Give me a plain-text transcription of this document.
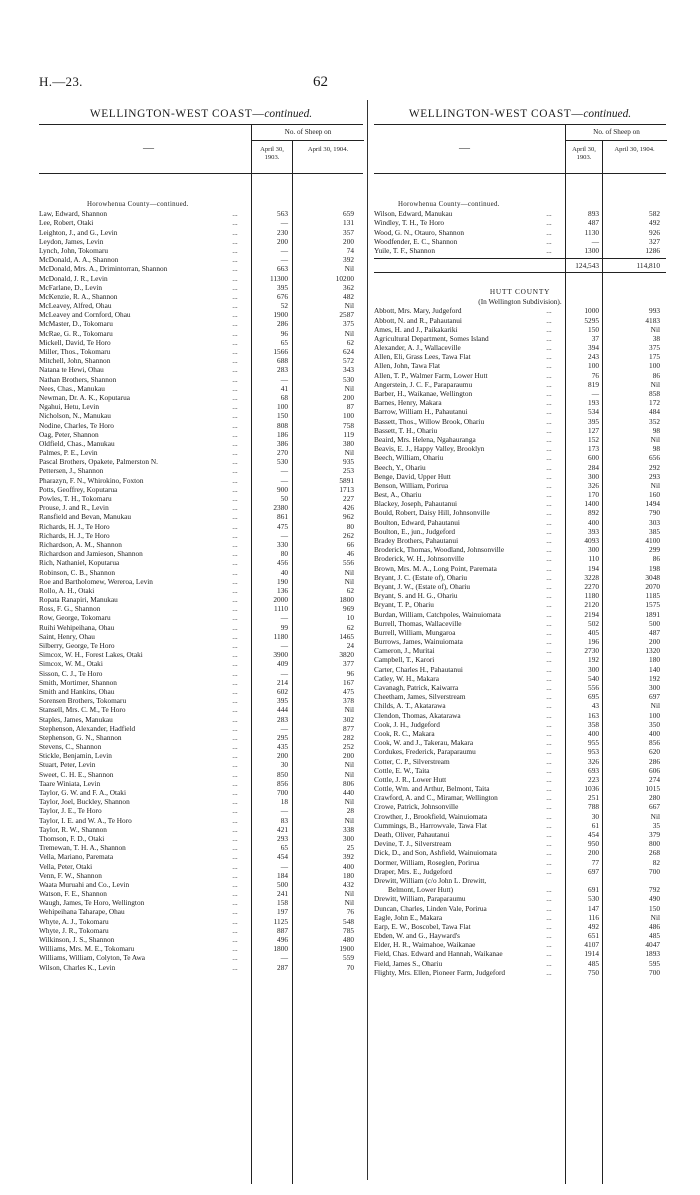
H.—23.	62
WELLINGTON-WEST COAST—continued.
—
No. of Sheep on
April 30, 1903.
April 30, 1904.
Horowhenua County—continued.
Law, Edward, Shannon	...	563	659
Lee, Robert, Otaki	...	—	131
Leighton, J., and G., Levin	...	230	357
Leydon, James, Levin	...	200	200
Lynch, John, Tokomaru	...	—	74
McDonald, A. A., Shannon	...	—	392
McDonald, Mrs. A., Drimintorran, Shannon	...	663	Nil
McDonald, J. R., Levin	...	11300	10200
McFarlane, D., Levin	...	395	362
McKenzie, R. A., Shannon	...	676	482
McLeavey, Alfred, Ohau	...	52	Nil
McLeavey and Cornford, Ohau	...	1900	2587
McMaster, D., Tokomaru	...	286	375
McRae, G. R., Tokomaru	...	96	Nil
Mickell, David, Te Horo	...	65	62
Miller, Thos., Tokomaru	...	1566	624
Mitchell, John, Shannon	...	688	572
Natana te Hewi, Ohau	...	283	343
Nathan Brothers, Shannon	...	—	530
Nees, Chas., Manukau	...	41	Nil
Newman, Dr. A. K., Koputarua	...	68	200
Ngahui, Hetu, Levin	...	100	87
Nicholson, N., Manukau	...	150	100
Nodine, Charles, Te Horo	...	808	758
Oag, Peter, Shannon	...	186	119
Oldfield, Chas., Manukau	...	386	380
Palmes, P. E., Levin	...	270	Nil
Pascal Brothers, Opakete, Palmerston N.	...	530	935
Pettersen, J., Shannon	...	—	253
Pharazyn, F. N., Whirokino, Foxton	...	—	5891
Potts, Geoffrey, Koputarua	...	900	1713
Powles, T. H., Tokomaru	...	50	227
Prouse, J. and R., Levin	...	2380	426
Ransfield and Bevan, Manukau	...	861	962
Richards, H. J., Te Horo	...	475	80
Richards, H. J., Te Horo	...	—	262
Richardson, A. M., Shannon	...	330	66
Richardson and Jamieson, Shannon	...	80	46
Rich, Nathaniel, Koputarua	...	456	556
Robinson, C. B., Shannon	...	40	Nil
Roe and Bartholomew, Wereroa, Levin	...	190	Nil
Rollo, A. H., Otaki	...	136	62
Ropata Ranapiri, Manukau	...	2000	1800
Ross, F. G., Shannon	...	1110	969
Row, George, Tokomaru	...	—	10
Ruihi Wehipeihana, Ohau	...	99	62
Saint, Henry, Ohau	...	1180	1465
Silberry, George, Te Horo	...	—	24
Simcox, W. H., Forest Lakes, Otaki	...	3900	3820
Simcox, W. M., Otaki	...	409	377
Sisson, C. J., Te Horo	...	—	96
Smith, Mortimer, Shannon	...	214	167
Smith and Hankins, Ohau	...	602	475
Sorensen Brothers, Tokomaru	...	395	378
Stansell, Mrs. C. M., Te Horo	...	444	Nil
Staples, James, Manukau	...	283	302
Stephenson, Alexander, Hadfield	...	—	877
Stephenson, G. N., Shannon	...	295	282
Stevens, C., Shannon	...	435	252
Stickle, Benjamin, Levin	...	200	200
Stuart, Peter, Levin	...	30	Nil
Sweet, C. H. E., Shannon	...	850	Nil
Taare Winiata, Levin	...	856	806
Taylor, G. W. and F. A., Otaki	...	700	440
Taylor, Joel, Buckley, Shannon	...	18	Nil
Taylor, J. E., Te Horo	...	—	28
Taylor, I. E. and W. A., Te Horo	...	83	Nil
Taylor, R. W., Shannon	...	421	338
Thomson, F. D., Otaki	...	293	300
Tremewan, T. H. A., Shannon	...	65	25
Vella, Mariano, Paremata	...	454	392
Vella, Peter, Otaki	...	—	400
Venn, F. W., Shannon	...	184	180
Waata Muruahi and Co., Levin	...	500	432
Watson, F. E., Shannon	...	241	Nil
Waugh, James, Te Horo, Wellington	...	158	Nil
Wehipeihana Taharape, Ohau	...	197	76
Whyte, A. J., Tokomaru	...	1125	548
Whyte, J. R., Tokomaru	...	887	785
Wilkinson, J. S., Shannon	...	496	480
Williams, Mrs. M. E., Tokomaru	...	1800	1900
Williams, William, Colyton, Te Awa	...	—	559
Wilson, Charles K., Levin	...	287	70
WELLINGTON-WEST COAST—continued.
—
No. of Sheep on
April 30, 1903.
April 30, 1904.
Horowhenua County—continued.
Wilson, Edward, Manukau	...	893	582
Windley, T. H., Te Horo	...	487	492
Wood, G. N., Otauro, Shannon	...	1130	926
Woodfender, E. C., Shannon	...	—	327
Yuile, T. F., Shannon	...	1300	1286
124,543	114,810
HUTT COUNTY
(In Wellington Subdivision).
Abbott, Mrs. Mary, Judgeford	...	1000	993
Abbott, N. and R., Pahautanui	...	5295	4183
Ames, H. and J., Paikakariki	...	150	Nil
Agricultural Department, Somes Island	...	37	38
Alexander, A. J., Wallaceville	...	394	375
Allen, Eli, Grass Lees, Tawa Flat	...	243	175
Allen, John, Tawa Flat	...	100	100
Allen, T. P., Walmer Farm, Lower Hutt	...	76	86
Angerstein, J. C. F., Paraparaumu	...	819	Nil
Barber, H., Waikanae, Wellington	...	—	858
Barnes, Henry, Makara	...	193	172
Barrow, William H., Pahautanui	...	534	484
Bassett, Thos., Willow Brook, Ohariu	...	395	352
Bassett, T. H., Ohariu	...	127	98
Beaird, Mrs. Helena, Ngahauranga	...	152	Nil
Beavis, E. J., Happy Valley, Brooklyn	...	173	98
Beech, William, Ohariu	...	600	656
Beech, Y., Ohariu	...	284	292
Benge, David, Upper Hutt	...	300	293
Benson, William, Porirua	...	326	Nil
Best, A., Ohariu	...	170	160
Blackey, Joseph, Pahautanui	...	1400	1494
Bould, Robert, Daisy Hill, Johnsonville	...	892	790
Boulton, Edward, Pahautanui	...	400	303
Boulton, E., jun., Judgeford	...	393	385
Bradey Brothers, Pahautanui	...	4093	4100
Broderick, Thomas, Woodland, Johnsonville	...	300	299
Broderick, W. H., Johnsonville	...	110	86
Brown, Mrs. M. A., Long Point, Paremata	...	194	198
Bryant, J. C. (Estate of), Ohariu	...	3228	3048
Bryant, J. W., (Estate of), Ohariu	...	2270	2070
Bryant, S. and H. G., Ohariu	...	1180	1185
Bryant, T. P., Ohariu	...	2120	1575
Burdan, William, Catchpoles, Wainuiomata	...	2194	1891
Burrell, Thomas, Wallaceville	...	502	500
Burrell, William, Mungaroa	...	405	487
Burrows, James, Wainuiomata	...	196	200
Cameron, J., Muritai	...	2730	1320
Campbell, T., Karori	...	192	180
Carter, Charles H., Pahautanui	...	300	140
Catley, W. H., Makara	...	540	192
Cavanagh, Patrick, Kaiwarra	...	556	300
Cheetham, James, Silverstream	...	695	697
Childs, A. T., Akatarawa	...	43	Nil
Clendon, Thomas, Akatarawa	...	163	100
Cook, J. H., Judgeford	...	358	350
Cook, R. C., Makara	...	400	400
Cook, W. and J., Takerau, Makara	...	955	856
Cordukes, Frederick, Paraparaumu	...	953	620
Cotter, C. P., Silverstream	...	326	286
Cottle, E. W., Taita	...	693	606
Cottle, J. R., Lower Hutt	...	223	274
Cottle, Wm. and Arthur, Belmont, Taita	...	1036	1015
Crawford, A. and C., Miramar, Wellington	...	251	280
Crowe, Patrick, Johnsonville	...	788	667
Crowther, J., Brookfield, Wainuiomata	...	30	Nil
Cummings, B., Harrowvale, Tawa Flat	...	61	35
Death, Oliver, Pahautanui	...	454	379
Devine, T. J., Silverstream	...	950	800
Dick, D., and Son, Ashfield, Wainuiomata	...	200	268
Dormer, William, Roseglen, Porirua	...	77	82
Draper, Mrs. E., Judgeford	...	697	700
Drewitt, William (c/o John L. Drewitt,
Belmont, Lower Hutt)	...	691	792
Drewitt, William, Paraparaumu	...	530	490
Duncan, Charles, Linden Vale, Porirua	...	147	150
Eagle, John E., Makara	...	116	Nil
Earp, E. W., Boscobel, Tawa Flat	...	492	486
Ebden, W. and G., Hayward's	...	651	485
Elder, H. R., Waimahoe, Waikanae	...	4107	4047
Field, Chas. Edward and Hannah, Waikanae	...	1914	1893
Field, James S., Ohariu	...	485	595
Flighty, Mrs. Ellen, Pioneer Farm, Judgeford	...	750	700
